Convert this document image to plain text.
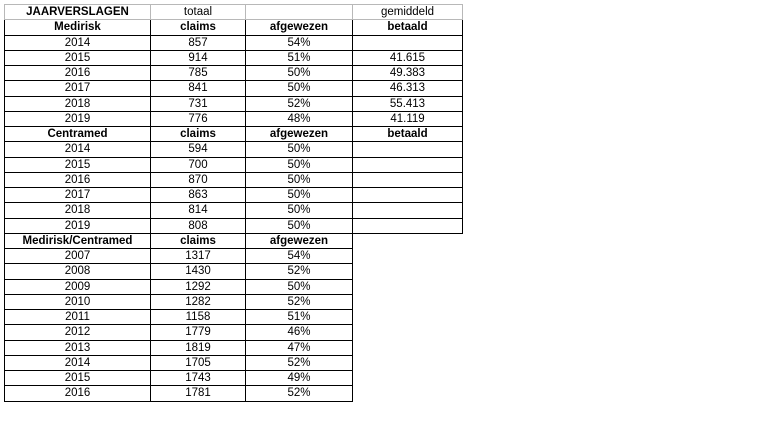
JAARVERSLAGEN	totaal		gemiddeld
Medirisk	claims	afgewezen	betaald
2014	857	54%	
2015	914	51%	41.615
2016	785	50%	49.383
2017	841	50%	46.313
2018	731	52%	55.413
2019	776	48%	41.119
Centramed	claims	afgewezen	betaald
2014	594	50%	
2015	700	50%	
2016	870	50%	
2017	863	50%	
2018	814	50%	
2019	808	50%	
Medirisk/Centramed	claims	afgewezen	
2007	1317	54%	
2008	1430	52%	
2009	1292	50%	
2010	1282	52%	
2011	1158	51%	
2012	1779	46%	
2013	1819	47%	
2014	1705	52%	
2015	1743	49%	
2016	1781	52%	
